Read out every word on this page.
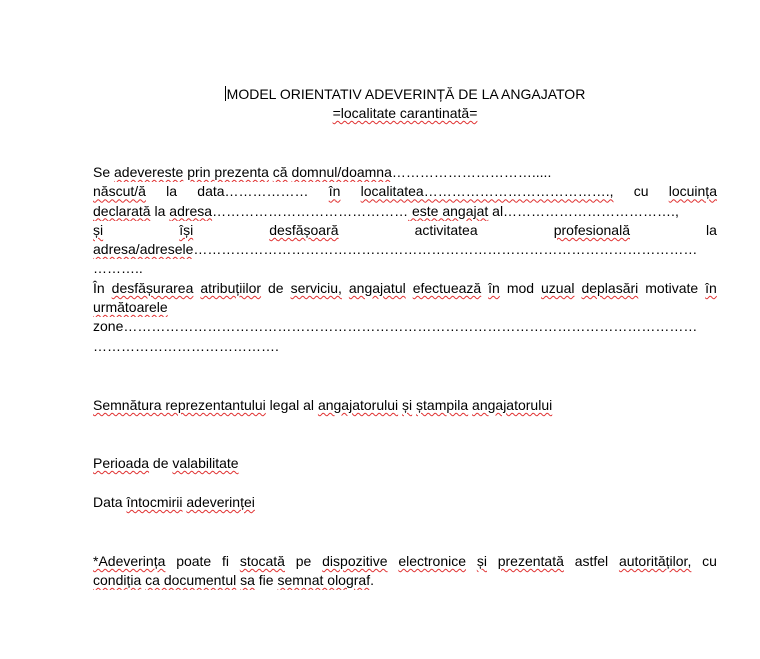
MODEL ORIENTATIV ADEVERINȚĂ DE LA ANGAJATOR
=localitate carantinată=
Se adevereste prin prezenta că domnul/doamna………………………….....
născut/ă la data……………… în localitatea…………………………………., cu locuința
declarată la adresa…………………………………… este angajat al……………………………….,
și	își	desfășoară	activitatea	profesională	la
adresa/adresele………………………………………………………………………………………………
………..
În desfășurarea atribuțiilor de serviciu, angajatul efectuează în mod uzual deplasări motivate în
următoarele
zone……………………………………………………………………………………………………………
………………………………….
Semnătura reprezentantului legal al angajatorului și ștampila angajatorului
Perioada de valabilitate
Data întocmirii adeverinței
*Adeverința poate fi stocată pe dispozitive electronice și prezentată astfel autorităților, cu
condiția ca documentul sa fie semnat olograf.
